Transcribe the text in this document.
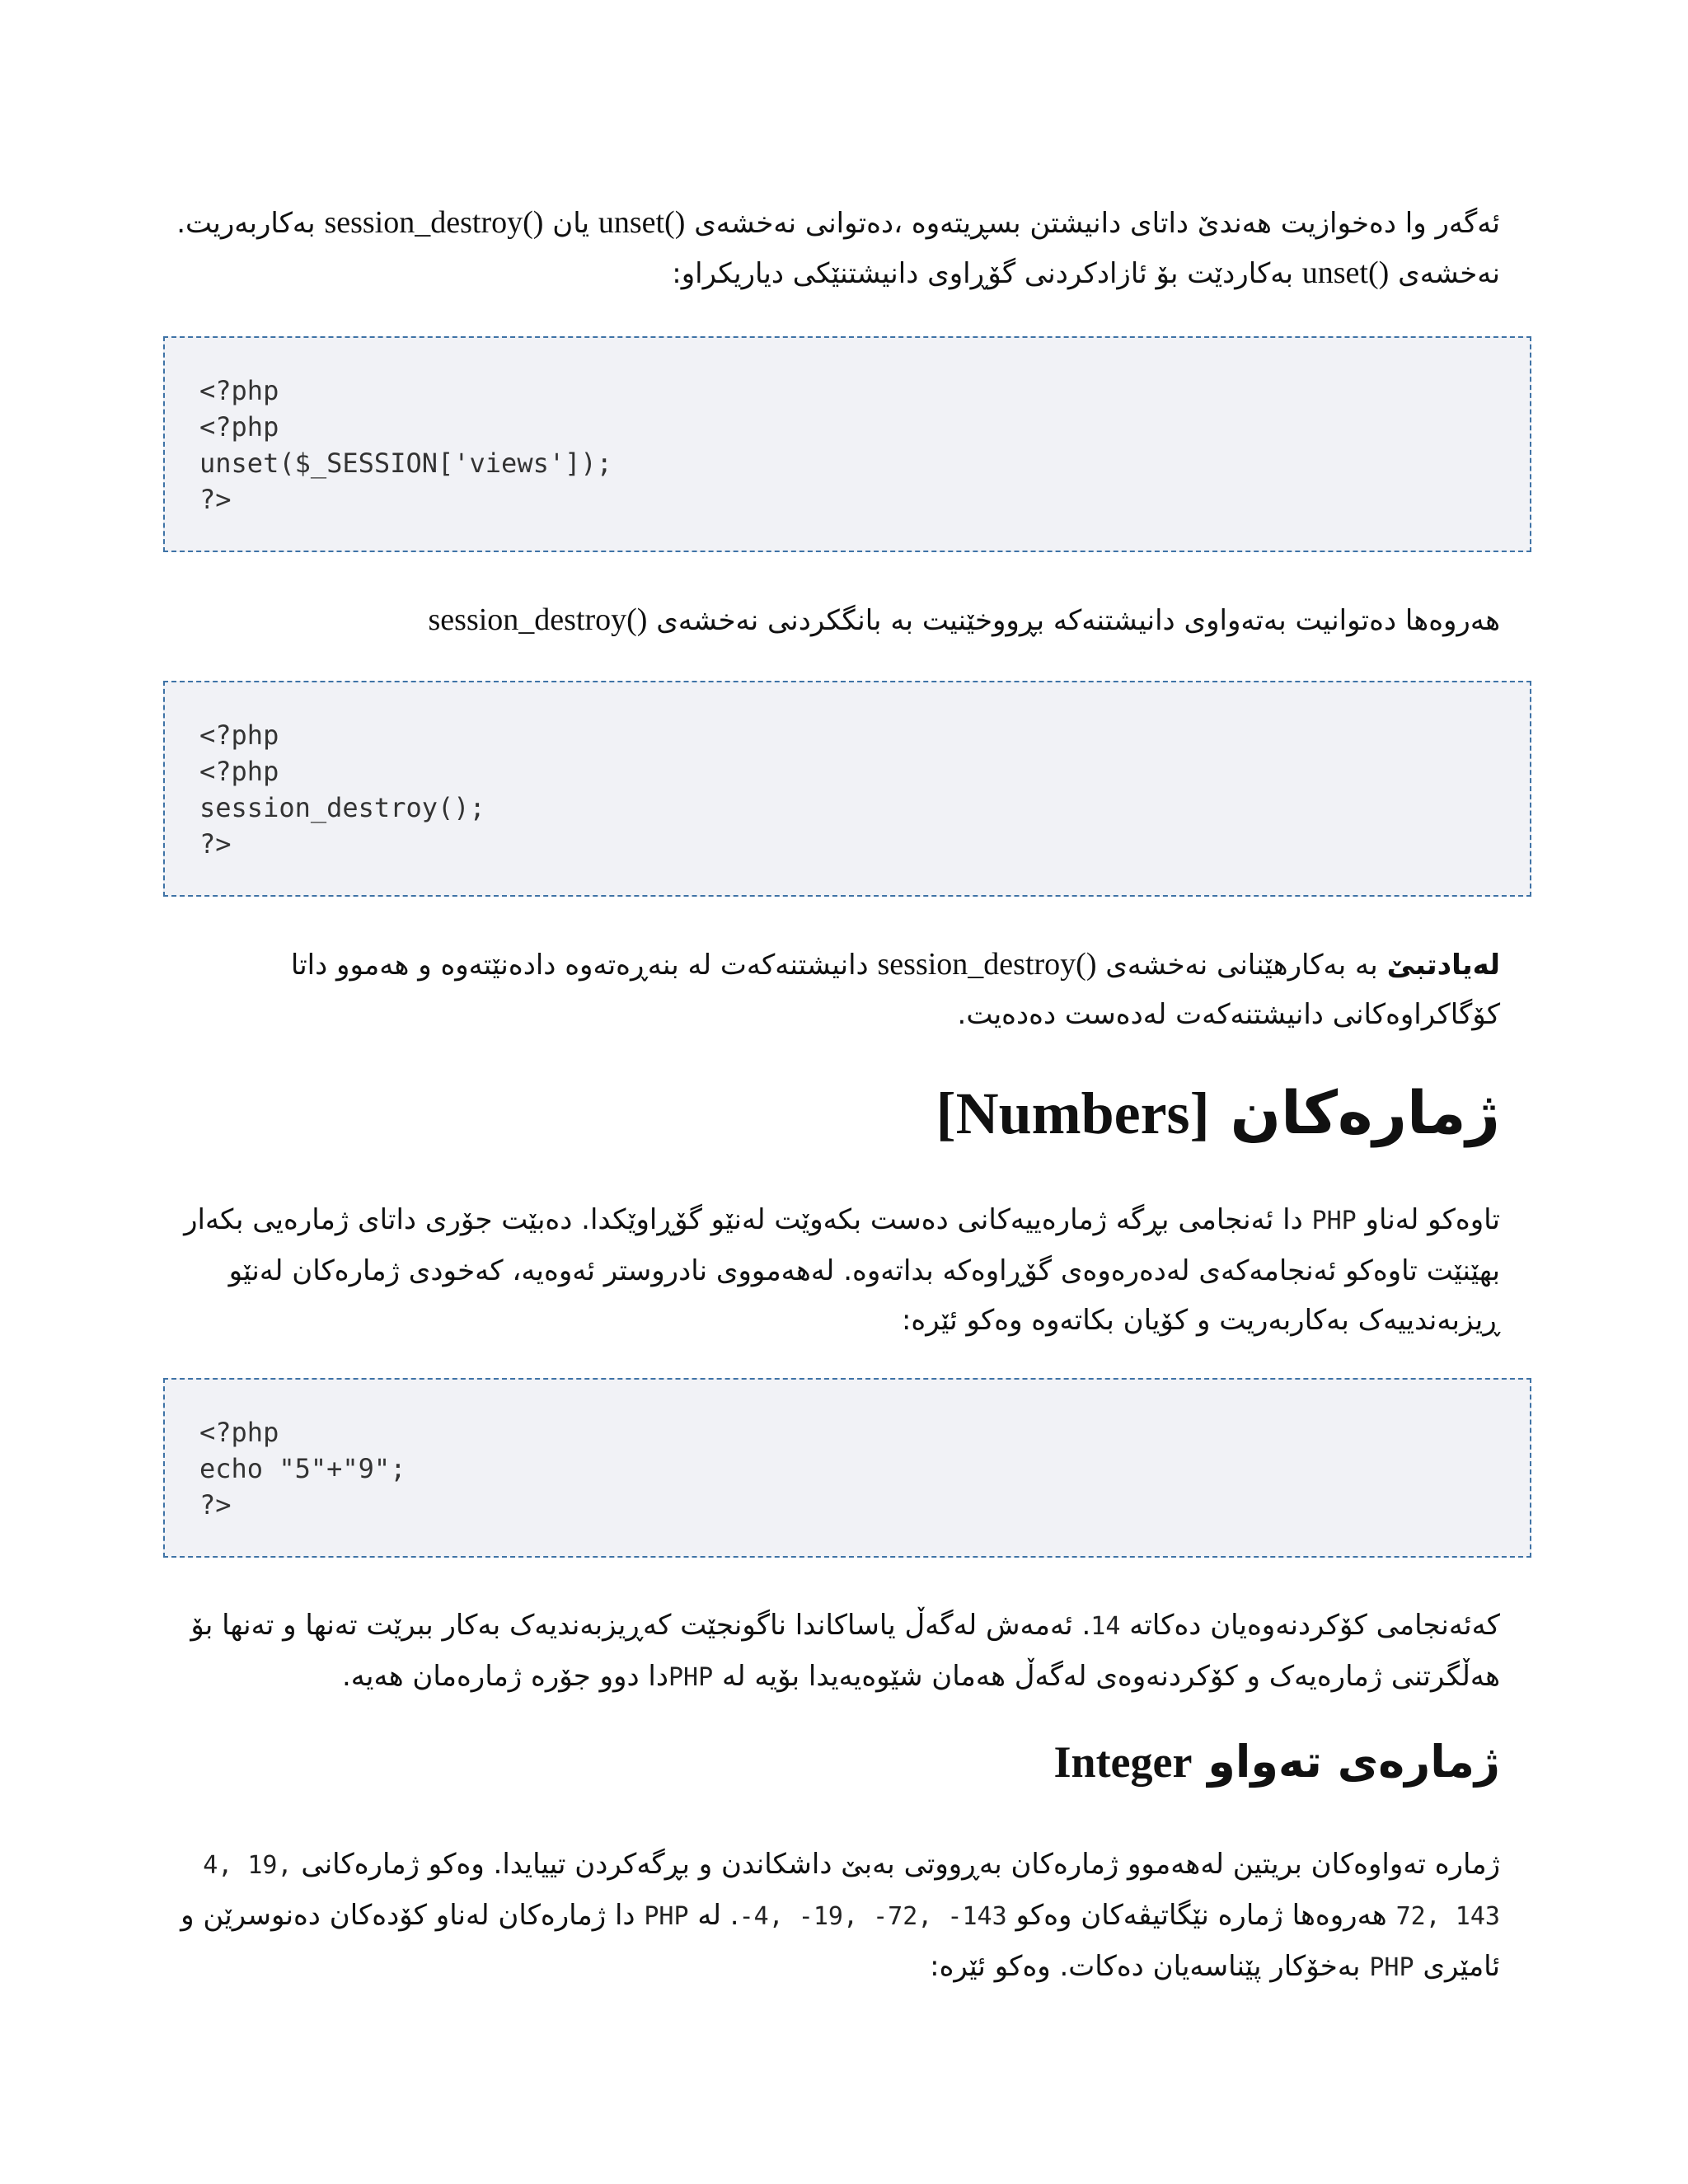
ئەگەر وا دەخوازیت هەندێ داتای دانیشتن بسڕیتەوە ،دەتوانی نەخشەی unset() یان session_destroy() بەکاربەریت.

نەخشەی unset() بەکاردێت بۆ ئازادکردنی گۆڕاوی دانیشتنێکی دیاریکراو:

<?php
<?php
unset($_SESSION['views']);
?>

هەروەها دەتوانیت بەتەواوی دانیشتنەکە بڕووخێنیت بە بانگکردنی نەخشەی session_destroy()

<?php
<?php
session_destroy();
?>

لەیادتبێ بە بەکارهێنانی نەخشەی session_destroy() دانیشتنەکەت لە بنەڕەتەوە دادەنێتەوە و هەموو داتا کۆگاکراوەکانی دانیشتنەکەت لەدەست دەدەیت.

ژمارەکان [Numbers]

تاوەکو لەناو PHP دا ئەنجامی بڕگە ژمارەییەکانی دەست بکەوێت لەنێو گۆڕاوێکدا. دەبێت جۆری داتای ژمارەیی بکەار بهێنێت تاوەکو ئەنجامەکەی لەدەرەوەی گۆڕاوەکە بداتەوە. لەهەمووی نادروستر ئەوەیە، کەخودی ژمارەکان لەنێو ڕیزبەندییەک بەکاربەریت و کۆیان بکاتەوە وەکو ئێرە:

<?php
echo "5"+"9";
?>

کەئەنجامی کۆکردنەوەیان دەکاتە 14. ئەمەش لەگەڵ یاساکاندا ناگونجێت کەڕیزبەندیەک بەکار ببرێت تەنها و تەنها بۆ هەڵگرتنی ژمارەیەک و کۆکردنەوەی لەگەڵ هەمان شێوەیەیدا بۆیە لە PHPدا دوو جۆرە ژمارەمان هەیە.

ژمارەی تەواو Integer

ژمارە تەواوەکان بریتین لەهەموو ژمارەکان بەڕووتی بەبێ داشکاندن و بڕگەکردن تییایدا. وەکو ژمارەکانی 4, 19, 72, 143 هەروەها ژمارە نێگاتیڤەکان وەکو -4, -19, -72, -143. لە PHP دا ژمارەکان لەناو کۆدەکان دەنوسرێن و ئامێری PHP بەخۆکار پێناسەیان دەکات. وەکو ئێرە:
